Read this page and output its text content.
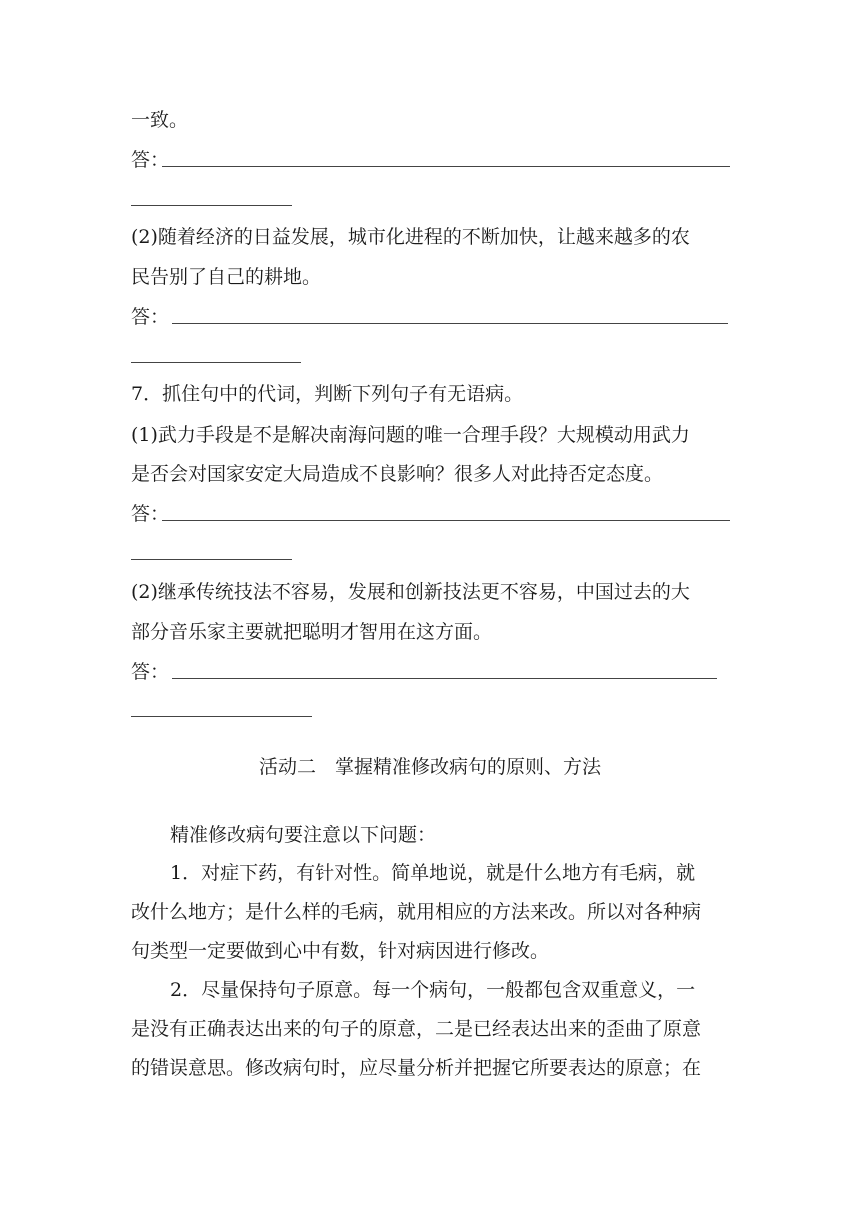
一致。
答：
(2)随着经济的日益发展，城市化进程的不断加快，让越来越多的农
民告别了自己的耕地。
答：
7．抓住句中的代词，判断下列句子有无语病。
(1)武力手段是不是解决南海问题的唯一合理手段？大规模动用武力
是否会对国家安定大局造成不良影响？很多人对此持否定态度。
答：
(2)继承传统技法不容易，发展和创新技法更不容易，中国过去的大
部分音乐家主要就把聪明才智用在这方面。
答：
活动二　掌握精准修改病句的原则、方法
精准修改病句要注意以下问题：
1．对症下药，有针对性。简单地说，就是什么地方有毛病，就
改什么地方；是什么样的毛病，就用相应的方法来改。所以对各种病
句类型一定要做到心中有数，针对病因进行修改。
2．尽量保持句子原意。每一个病句，一般都包含双重意义，一
是没有正确表达出来的句子的原意，二是已经表达出来的歪曲了原意
的错误意思。修改病句时，应尽量分析并把握它所要表达的原意；在
